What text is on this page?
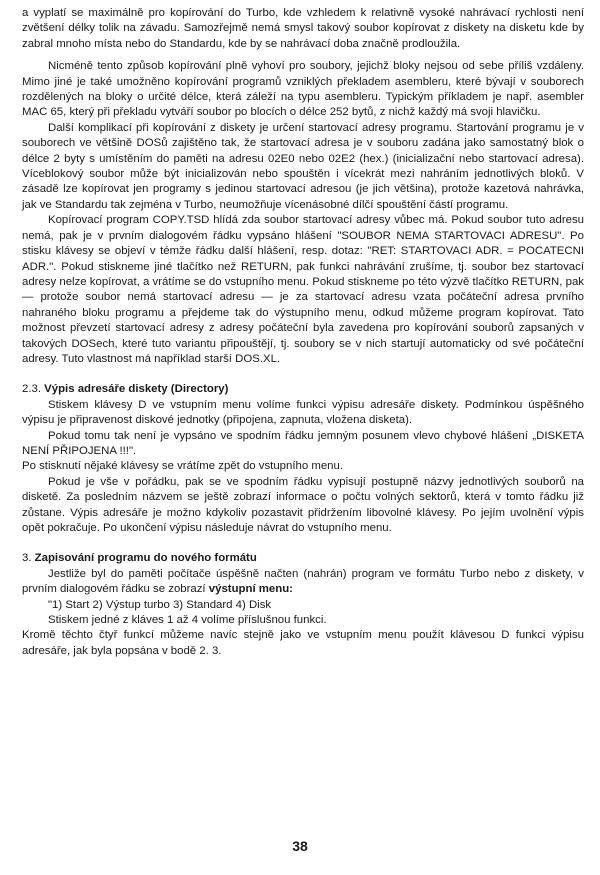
a vyplatí se maximálně pro kopírování do Turbo, kde vzhledem k relativně vysoké nahrávací rychlosti není zvětšení délky tolik na závadu. Samozřejmě nemá smysl takový soubor kopírovat z diskety na disketu kde by zabral mnoho místa nebo do Standardu, kde by se nahrávací doba značně prodloužila.

Nicméně tento způsob kopírování plně vyhoví pro soubory, jejichž bloky nejsou od sebe příliš vzdáleny. Mimo jiné je také umožněno kopírování programů vzniklých překladem asembleru, které bývají v souborech rozdělených na bloky o určité délce, která záleží na typu asembleru. Typickým příkladem je např. asembler MAC 65, který při překladu vytváří soubor po blocích o délce 252 bytů, z nichž každý má svoji hlavičku.

Další komplikací při kopírování z diskety je určení startovací adresy programu. Startování programu je v souborech ve většině DOSů zajištěno tak, že startovací adresa je v souboru zadána jako samostatný blok o délce 2 byty s umístěním do paměti na adresu 02E0 nebo 02E2 (hex.) (inicializační nebo startovací adresa). Víceblokový soubor může být inicializován nebo spouštěn i vícekrát mezi nahráním jednotlivých bloků. V zásadě lze kopírovat jen programy s jedinou startovací adresou (je jich většina), protože kazetová nahrávka, jak ve Standardu tak zejména v Turbo, neumožňuje vícenásobné dílčí spouštění částí programu.

Kopírovací program COPY.TSD hlídá zda soubor startovací adresy vůbec má. Pokud soubor tuto adresu nemá, pak je v prvním dialogovém řádku vypsáno hlášení "SOUBOR NEMA STARTOVACI ADRESU". Po stisku klávesy se objeví v témže řádku další hlášení, resp. dotaz: "RET: STARTOVACI ADR. = POCATECNI ADR.". Pokud stiskneme jiné tlačítko než RETURN, pak funkci nahrávání zrušíme, tj. soubor bez startovací adresy nelze kopírovat, a vrátíme se do vstupního menu. Pokud stiskneme po této výzvě tlačítko RETURN, pak — protože soubor nemá startovací adresu — je za startovací adresu vzata počáteční adresa prvního nahraného bloku programu a přejdeme tak do výstupního menu, odkud můžeme program kopírovat. Tato možnost převzetí startovací adresy z adresy počáteční byla zavedena pro kopírování souborů zapsaných v takových DOSech, které tuto variantu připouštějí, tj. soubory se v nich startují automaticky od své počáteční adresy. Tuto vlastnost má například starší DOS.XL.

2.3. Výpis adresáře diskety (Directory)

Stiskem klávesy D ve vstupním menu volíme funkci výpisu adresáře diskety. Podmínkou úspěšného výpisu je připravenost diskové jednotky (připojena, zapnuta, vložena disketa).

Pokud tomu tak není je vypsáno ve spodním řádku jemným posunem vlevo chybové hlášení „DISKETA NENÍ PŘIPOJENA !!!".

Po stisknutí nějaké klávesy se vrátíme zpět do vstupního menu.

Pokud je vše v pořádku, pak se ve spodním řádku vypisují postupně názvy jednotlivých souborů na disketě. Za posledním názvem se ještě zobrazí informace o počtu volných sektorů, která v tomto řádku již zůstane. Výpis adresáře je možno kdykoliv pozastavit přidržením libovolné klávesy. Po jejím uvolnění výpis opět pokračuje. Po ukončení výpisu následuje návrat do vstupního menu.

3. Zapisování programu do nového formátu

Jestliže byl do paměti počítače úspěšně načten (nahrán) program ve formátu Turbo nebo z diskety, v prvním dialogovém řádku se zobrazí výstupní menu:

"1) Start 2) Výstup turbo 3) Standard 4) Disk

Stiskem jedné z kláves 1 až 4 volíme příslušnou funkci.

Kromě těchto čtyř funkcí můžeme navíc stejně jako ve vstupním menu použít klávesou D funkci výpisu adresáře, jak byla popsána v bodě 2. 3.

38
